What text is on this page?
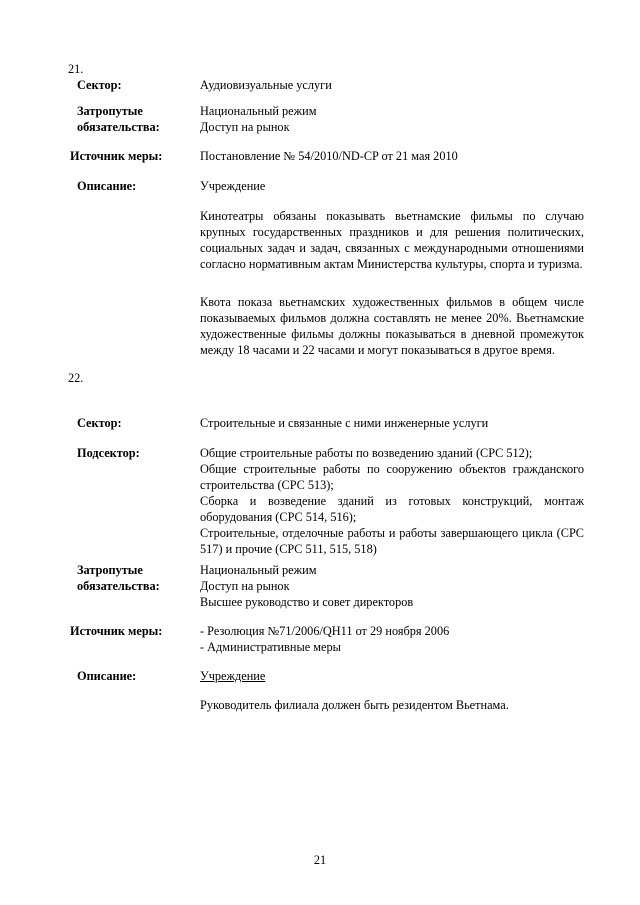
21.
Сектор:	Аудиовизуальные услуги
Затропутые
обязательства:
Национальный режим
Доступ на рынок
Источник меры:	Постановление № 54/2010/ND-CP от 21 мая 2010
Описание:	Учреждение

Кинотеатры обязаны показывать вьетнамские фильмы по случаю крупных государственных праздников и для решения политических, социальных задач и задач, связанных с международными отношениями согласно нормативным актам Министерства культуры, спорта и туризма.

Квота показа вьетнамских художественных фильмов в общем числе показываемых фильмов должна составлять не менее 20%. Вьетнамские художественные фильмы должны показываться в дневной промежуток между 18 часами и 22 часами и могут показываться в другое время.

22.
Сектор:	Строительные и связанные с ними инженерные услуги
Подсектор:	Общие строительные работы по возведению зданий (CPC 512);
Общие строительные работы по сооружению объектов гражданского строительства (CPC 513);
Сборка и возведение зданий из готовых конструкций, монтаж оборудования (CPC 514, 516);
Строительные, отделочные работы и работы завершающего цикла (CPC 517) и прочие (CPC 511, 515, 518)
Затропутые
обязательства:
Национальный режим
Доступ на рынок
Высшее руководство и совет директоров
Источник меры:	- Резолюция №71/2006/QH11 от 29 ноября 2006
- Административные меры
Описание:	Учреждение

Руководитель филиала должен быть резидентом Вьетнама.

21
